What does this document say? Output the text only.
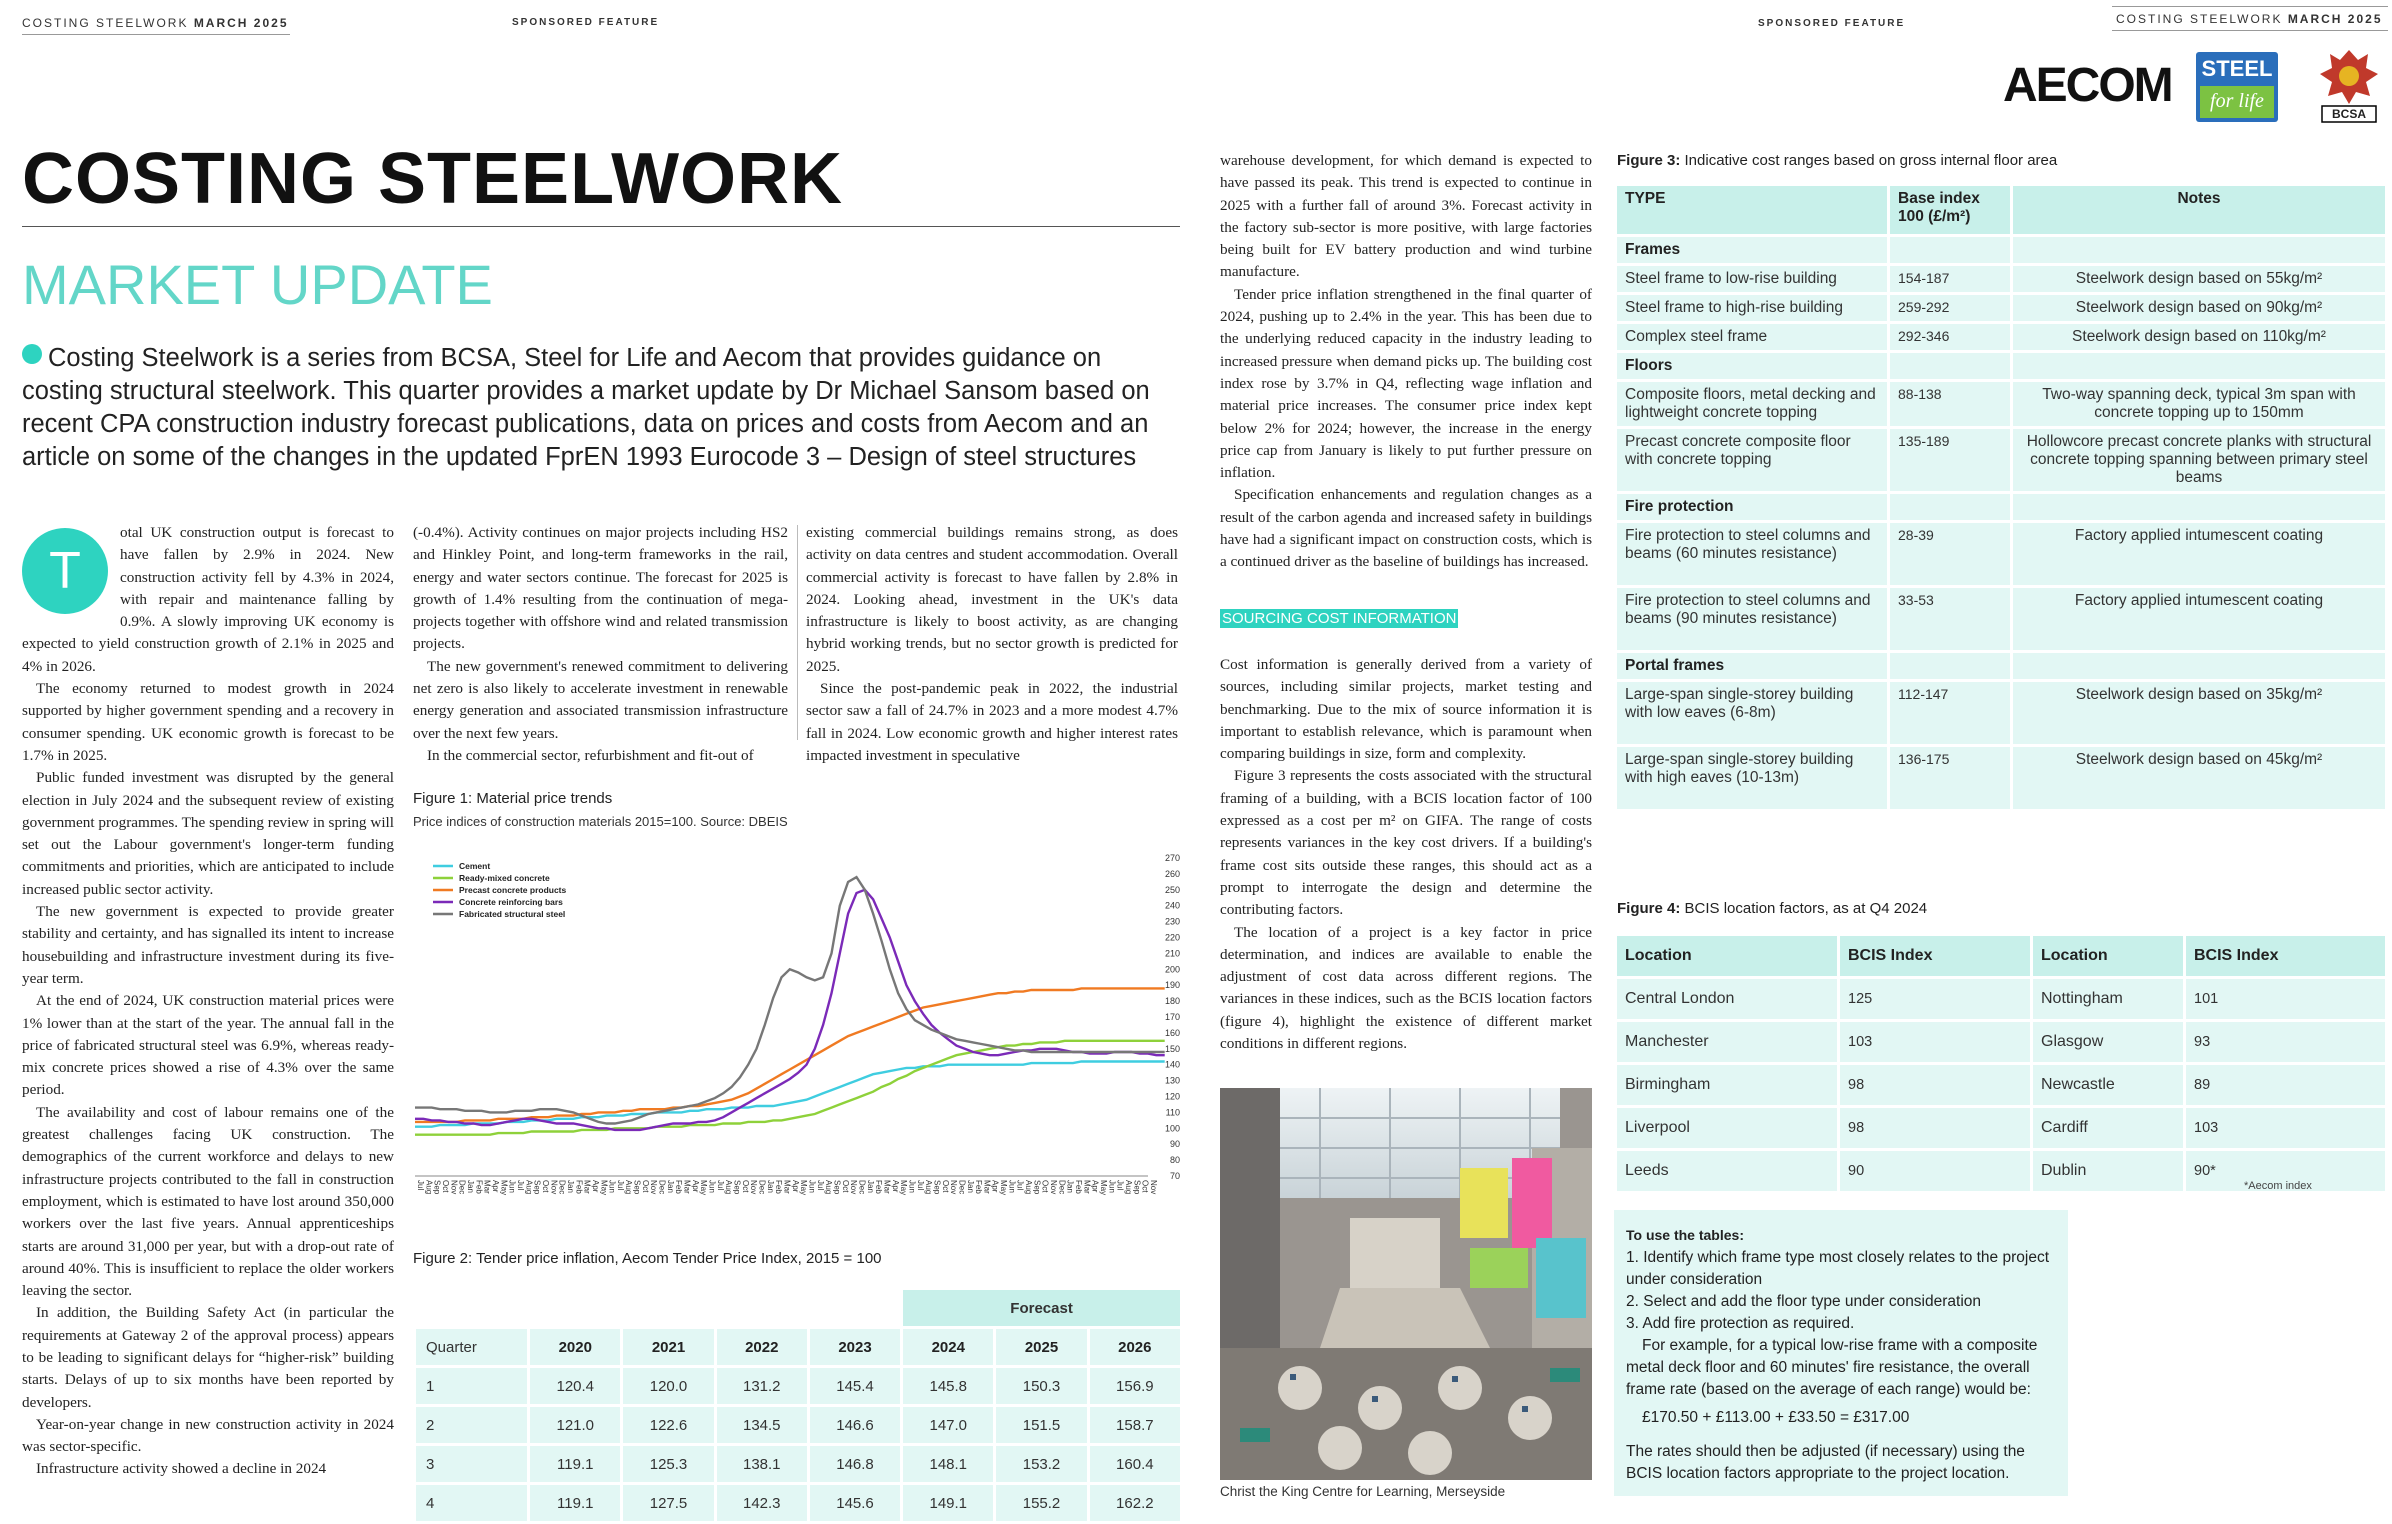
COSTING STEELWORK MARCH 2025	SPONSORED FEATURE	SPONSORED FEATURE	COSTING STEELWORK MARCH 2025
AECOM STEEL
for life
BCSA
COSTING STEELWORK
MARKET UPDATE
Costing Steelwork is a series from BCSA, Steel for Life and Aecom that provides guidance on costing structural steelwork. This quarter provides a market update by Dr Michael Sansom based on recent CPA construction industry forecast publications, data on prices and costs from Aecom and an article on some of the changes in the updated FprEN 1993 Eurocode 3 – Design of steel structures
T

otal UK construction output is forecast to have fallen by 2.9% in 2024. New construction activity fell by 4.3% in 2024, with repair and maintenance falling by 0.9%. A slowly improving UK economy is expected to yield construction growth of 2.1% in 2025 and 4% in 2026.

The economy returned to modest growth in 2024 supported by higher government spending and a recovery in consumer spending. UK economic growth is forecast to be 1.7% in 2025.

Public funded investment was disrupted by the general election in July 2024 and the subsequent review of existing government programmes. The spending review in spring will set out the Labour government's longer-term funding commitments and priorities, which are anticipated to include increased public sector activity.

The new government is expected to provide greater stability and certainty, and has signalled its intent to increase housebuilding and infrastructure investment during its five-year term.

At the end of 2024, UK construction material prices were 1% lower than at the start of the year. The annual fall in the price of fabricated structural steel was 6.9%, whereas ready-mix concrete prices showed a rise of 4.3% over the same period.

The availability and cost of labour remains one of the greatest challenges facing UK construction. The demographics of the current workforce and delays to new infrastructure projects contributed to the fall in construction employment, which is estimated to have lost around 350,000 workers over the last five years. Annual apprenticeships starts are around 31,000 per year, but with a drop-out rate of around 40%. This is insufficient to replace the older workers leaving the sector.

In addition, the Building Safety Act (in particular the requirements at Gateway 2 of the approval process) appears to be leading to significant delays for “higher-risk” building starts. Delays of up to six months have been reported by developers.

Year-on-year change in new construction activity in 2024 was sector-specific.

Infrastructure activity showed a decline in 2024

(-0.4%). Activity continues on major projects including HS2 and Hinkley Point, and long-term frameworks in the rail, energy and water sectors continue. The forecast for 2025 is growth of 1.4% resulting from the continuation of mega-projects together with offshore wind and related transmission projects.

The new government's renewed commitment to delivering net zero is also likely to accelerate investment in renewable energy generation and associated transmission infrastructure over the next few years.

In the commercial sector, refurbishment and fit-out of

existing commercial buildings remains strong, as does activity on data centres and student accommodation. Overall commercial activity is forecast to have fallen by 2.8% in 2024. Looking ahead, investment in the UK's data infrastructure is likely to boost activity, as are changing hybrid working trends, but no sector growth is predicted for 2025.

Since the post-pandemic peak in 2022, the industrial sector saw a fall of 24.7% in 2023 and a more modest 4.7% fall in 2024. Low economic growth and higher interest rates impacted investment in speculative

Figure 1: Material price trends
Price indices of construction materials 2015=100. Source: DBEIS
70
80
90
100
110
120
130
140
150
160
170
180
190
200
210
220
230
240
250
260
270
Jul Aug Sep Oct Nov Dec Jan Feb Mar Apr May Jun Jul Aug Sep Oct Nov Dec Jan Feb Mar Apr May Jun Jul Aug Sep Oct Nov Dec Jan Feb Mar Apr May Jun Jul Aug Sep Oct Nov Dec Jan Feb Mar Apr May Jun Jul Aug Sep Oct Nov Dec Jan Feb Mar Apr May Jun Jul Aug Sep Oct Nov Dec Jan Feb Mar Apr May Jun Jul Aug Sep Oct Nov Dec Jan Feb Mar Apr May Jun Jul Aug Sep Oct Nov
Cement
Ready-mixed concrete
Precast concrete products
Concrete reinforcing bars
Fabricated structural steel
Figure 2: Tender price inflation, Aecom Tender Price Index, 2015 = 100
					Forecast		
Quarter	2020	2021	2022	2023	2024	2025	2026
1	120.4	120.0	131.2	145.4	145.8	150.3	156.9
2	121.0	122.6	134.5	146.6	147.0	151.5	158.7
3	119.1	125.3	138.1	146.8	148.1	153.2	160.4
4	119.1	127.5	142.3	145.6	149.1	155.2	162.2

warehouse development, for which demand is expected to have passed its peak. This trend is expected to continue in 2025 with a further fall of around 3%. Forecast activity in the factory sub-sector is more positive, with large factories being built for EV battery production and wind turbine manufacture.

Tender price inflation strengthened in the final quarter of 2024, pushing up to 2.4% in the year. This has been due to the underlying reduced capacity in the industry leading to increased pressure when demand picks up. The building cost index rose by 3.7% in Q4, reflecting wage inflation and material price increases. The consumer price index kept below 2% for 2024; however, the increase in the energy price cap from January is likely to put further pressure on inflation.

Specification enhancements and regulation changes as a result of the carbon agenda and increased safety in buildings have had a significant impact on construction costs, which is a continued driver as the baseline of buildings has increased.

SOURCING COST INFORMATION

Cost information is generally derived from a variety of sources, including similar projects, market testing and benchmarking. Due to the mix of source information it is important to establish relevance, which is paramount when comparing buildings in size, form and complexity.

Figure 3 represents the costs associated with the structural framing of a building, with a BCIS location factor of 100 expressed as a cost per m² on GIFA. The range of costs represents variances in the key cost drivers. If a building's frame cost sits outside these ranges, this should act as a prompt to interrogate the design and determine the contributing factors.

The location of a project is a key factor in price determination, and indices are available to enable the adjustment of cost data across different regions. The variances in these indices, such as the BCIS location factors (figure 4), highlight the existence of different market conditions in different regions.

Christ the King Centre for Learning, Merseyside
Figure 3: Indicative cost ranges based on gross internal floor area
TYPE	Base index 100 (£/m²)	Notes
Frames		
Steel frame to low-rise building	154-187	Steelwork design based on 55kg/m²
Steel frame to high-rise building	259-292	Steelwork design based on 90kg/m²
Complex steel frame	292-346	Steelwork design based on 110kg/m²
Floors		
Composite floors, metal decking and lightweight concrete topping	88-138	Two-way spanning deck, typical 3m span with concrete topping up to 150mm
Precast concrete composite floor with concrete topping	135-189	Hollowcore precast concrete planks with structural concrete topping spanning between primary steel beams
Fire protection		
Fire protection to steel columns and beams (60 minutes resistance)	28-39	Factory applied intumescent coating
Fire protection to steel columns and beams (90 minutes resistance)	33-53	Factory applied intumescent coating
Portal frames		
Large-span single-storey building with low eaves (6-8m)	112-147	Steelwork design based on 35kg/m²
Large-span single-storey building with high eaves (10-13m)	136-175	Steelwork design based on 45kg/m²
Figure 4: BCIS location factors, as at Q4 2024
Location	BCIS Index	Location	BCIS Index
Central London	125	Nottingham	101
Manchester	103	Glasgow	93
Birmingham	98	Newcastle	89
Liverpool	98	Cardiff	103
Leeds	90	Dublin	90*
*Aecom index
To use the tables:
1. Identify which frame type most closely relates to the project under consideration
2. Select and add the floor type under consideration
3. Add fire protection as required.
For example, for a typical low-rise frame with a composite metal deck floor and 60 minutes' fire resistance, the overall frame rate (based on the average of each range) would be:
£170.50 + £113.00 + £33.50 = £317.00
The rates should then be adjusted (if necessary) using the BCIS location factors appropriate to the project location.
